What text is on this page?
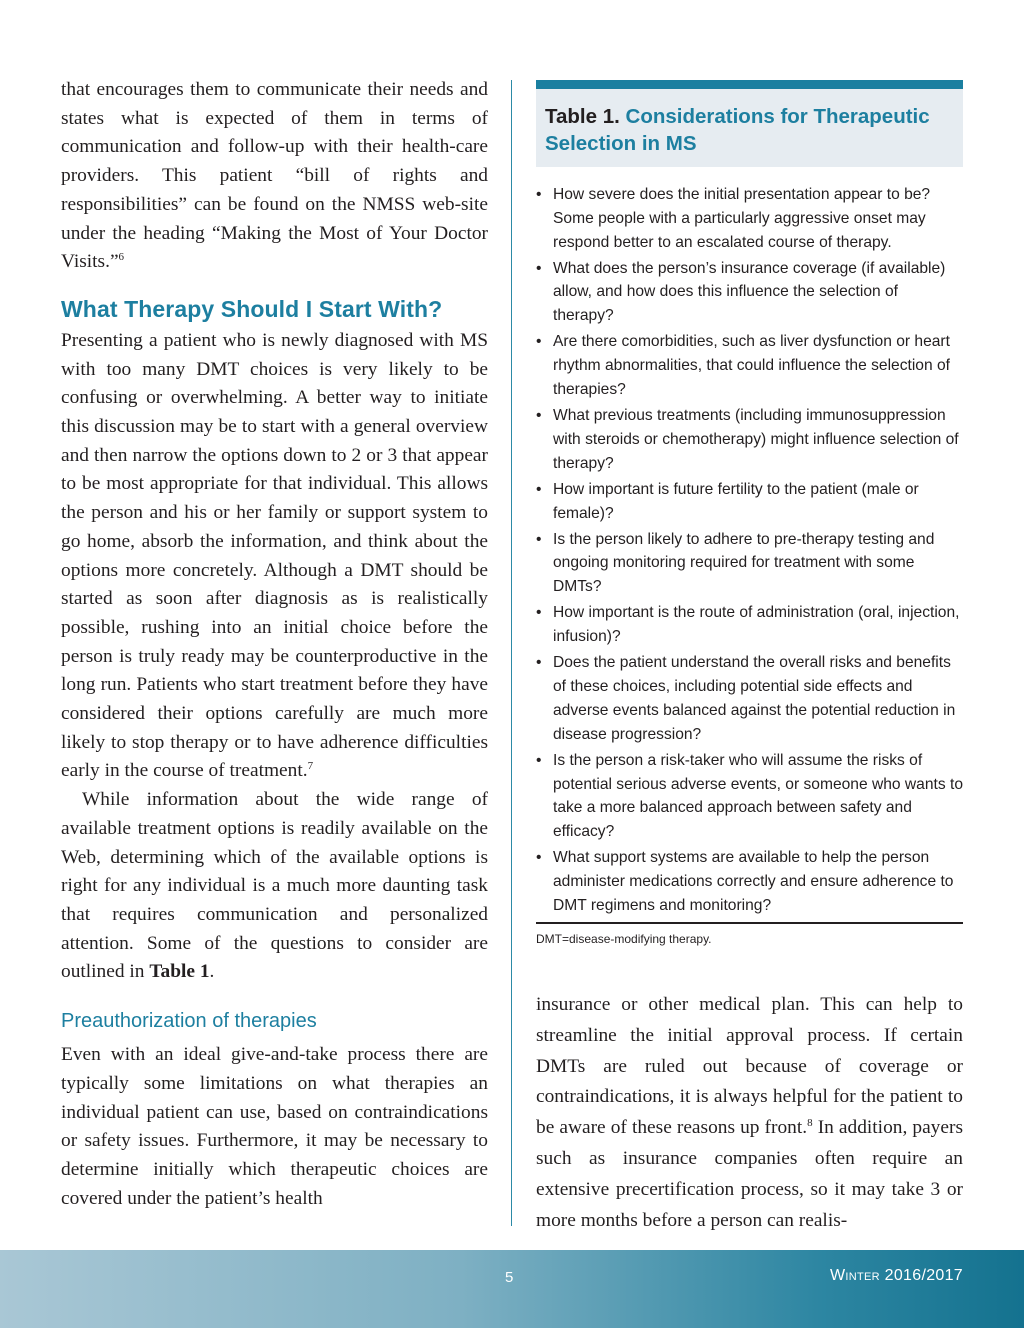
that encourages them to communicate their needs and states what is expected of them in terms of communication and follow-up with their health-care providers. This patient “bill of rights and responsibilities” can be found on the NMSS web-site under the heading “Making the Most of Your Doctor Visits.”$^6$

What Therapy Should I Start With?

Presenting a patient who is newly diagnosed with MS with too many DMT choices is very likely to be confusing or overwhelming. A better way to initiate this discussion may be to start with a general overview and then narrow the options down to 2 or 3 that appear to be most appropriate for that individual. This allows the person and his or her family or support system to go home, absorb the information, and think about the options more concretely. Although a DMT should be started as soon after diagnosis as is realistically possible, rushing into an initial choice before the person is truly ready may be counterproductive in the long run. Patients who start treatment before they have considered their options carefully are much more likely to stop therapy or to have adherence difficulties early in the course of treatment.$^7$

While information about the wide range of available treatment options is readily available on the Web, determining which of the available options is right for any individual is a much more daunting task that requires communication and personalized attention. Some of the questions to consider are outlined in Table 1.

Preauthorization of therapies

Even with an ideal give-and-take process there are typically some limitations on what therapies an individual patient can use, based on contraindications or safety issues. Furthermore, it may be necessary to determine initially which therapeutic choices are covered under the patient’s health

Table 1. Considerations for Therapeutic Selection in MS
• How severe does the initial presentation appear to be? Some people with a particularly aggressive onset may respond better to an escalated course of therapy.
• What does the person’s insurance coverage (if available) allow, and how does this influence the selection of therapy?
• Are there comorbidities, such as liver dysfunction or heart rhythm abnormalities, that could influence the selection of therapies?
• What previous treatments (including immunosuppression with steroids or chemotherapy) might influence selection of therapy?
• How important is future fertility to the patient (male or female)?
• Is the person likely to adhere to pre-therapy testing and ongoing monitoring required for treatment with some DMTs?
• How important is the route of administration (oral, injection, infusion)?
• Does the patient understand the overall risks and benefits of these choices, including potential side effects and adverse events balanced against the potential reduction in disease progression?
• Is the person a risk-taker who will assume the risks of potential serious adverse events, or someone who wants to take a more balanced approach between safety and efficacy?
• What support systems are available to help the person administer medications correctly and ensure adherence to DMT regimens and monitoring?
DMT=disease-modifying therapy.

insurance or other medical plan. This can help to streamline the initial approval process. If certain DMTs are ruled out because of coverage or contraindications, it is always helpful for the patient to be aware of these reasons up front.$^8$ In addition, payers such as insurance companies often require an extensive precertification process, so it may take 3 or more months before a person can realis-

5	Winter 2016/2017
